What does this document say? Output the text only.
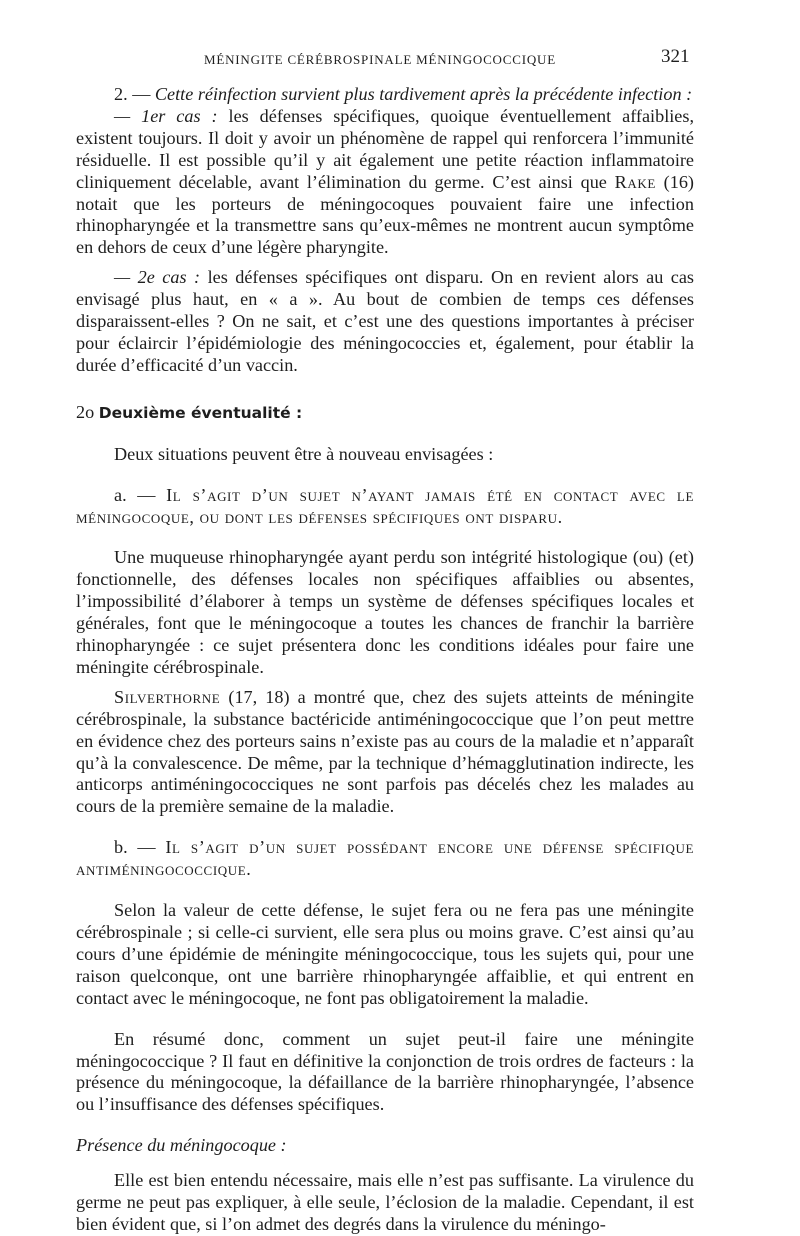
MÉNINGITE CÉRÉBROSPINALE MÉNINGOCOCCIQUE	321

2. — Cette réinfection survient plus tardivement après la précédente infection :

— 1er cas : les défenses spécifiques, quoique éventuellement affaiblies, existent toujours. Il doit y avoir un phénomène de rappel qui renforcera l’immunité résiduelle. Il est possible qu’il y ait également une petite réaction inflammatoire cliniquement décelable, avant l’élimination du germe. C’est ainsi que Rake (16) notait que les porteurs de méningocoques pouvaient faire une infection rhinopharyngée et la transmettre sans qu’eux-mêmes ne montrent aucun symptôme en dehors de ceux d’une légère pharyngite.

— 2e cas : les défenses spécifiques ont disparu. On en revient alors au cas envisagé plus haut, en « a ». Au bout de combien de temps ces défenses disparaissent-elles ? On ne sait, et c’est une des questions importantes à préciser pour éclaircir l’épidémiologie des méningococcies et, également, pour établir la durée d’efficacité d’un vaccin.

2o Deuxième éventualité :

Deux situations peuvent être à nouveau envisagées :

a. — Il s’agit d’un sujet n’ayant jamais été en contact avec le méningocoque, ou dont les défenses spécifiques ont disparu.

Une muqueuse rhinopharyngée ayant perdu son intégrité histologique (ou) (et) fonctionnelle, des défenses locales non spécifiques affaiblies ou absentes, l’impossibilité d’élaborer à temps un système de défenses spécifiques locales et générales, font que le méningocoque a toutes les chances de franchir la barrière rhinopharyngée : ce sujet présentera donc les conditions idéales pour faire une méningite cérébrospinale.

Silverthorne (17, 18) a montré que, chez des sujets atteints de méningite cérébrospinale, la substance bactéricide antiméningococcique que l’on peut mettre en évidence chez des porteurs sains n’existe pas au cours de la maladie et n’apparaît qu’à la convalescence. De même, par la technique d’hémagglutination indirecte, les anticorps antiméningococciques ne sont parfois pas décelés chez les malades au cours de la première semaine de la maladie.

b. — Il s’agit d’un sujet possédant encore une défense spécifique antiméningococcique.

Selon la valeur de cette défense, le sujet fera ou ne fera pas une méningite cérébrospinale ; si celle-ci survient, elle sera plus ou moins grave. C’est ainsi qu’au cours d’une épidémie de méningite méningococcique, tous les sujets qui, pour une raison quelconque, ont une barrière rhinopharyngée affaiblie, et qui entrent en contact avec le méningocoque, ne font pas obligatoirement la maladie.

En résumé donc, comment un sujet peut-il faire une méningite méningococcique ? Il faut en définitive la conjonction de trois ordres de facteurs : la présence du méningocoque, la défaillance de la barrière rhinopharyngée, l’absence ou l’insuffisance des défenses spécifiques.

Présence du méningocoque :

Elle est bien entendu nécessaire, mais elle n’est pas suffisante. La virulence du germe ne peut pas expliquer, à elle seule, l’éclosion de la maladie. Cependant, il est bien évident que, si l’on admet des degrés dans la virulence du méningo-
